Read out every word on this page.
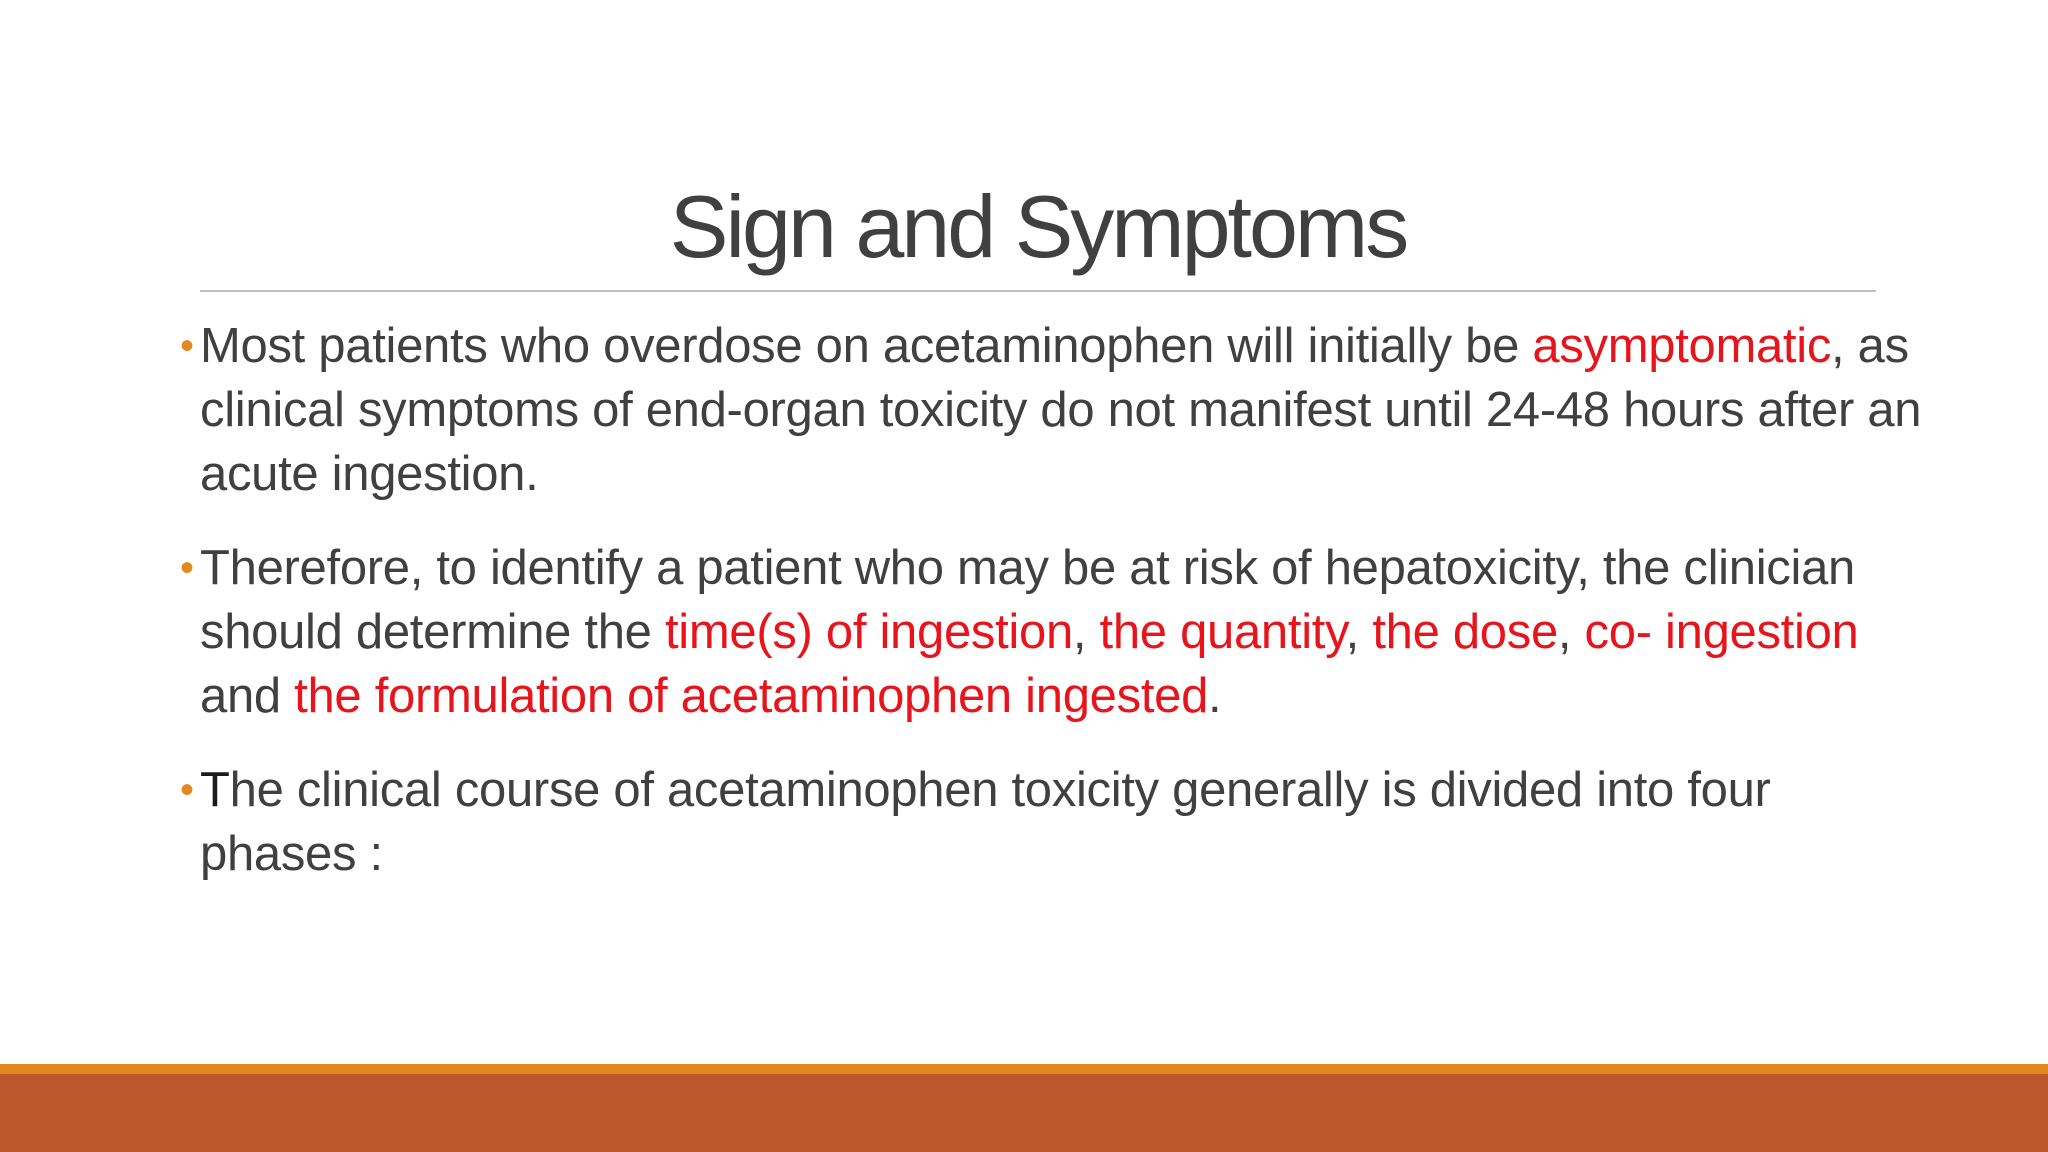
Sign and Symptoms
• Most patients who overdose on acetaminophen will initially be asymptomatic, as clinical symptoms of end-organ toxicity do not manifest until 24-48 hours after an acute ingestion.
• Therefore, to identify a patient who may be at risk of hepatoxicity, the clinician should determine the time(s) of ingestion, the quantity, the dose, co- ingestion and the formulation of acetaminophen ingested.
• The clinical course of acetaminophen toxicity generally is divided into four phases :
